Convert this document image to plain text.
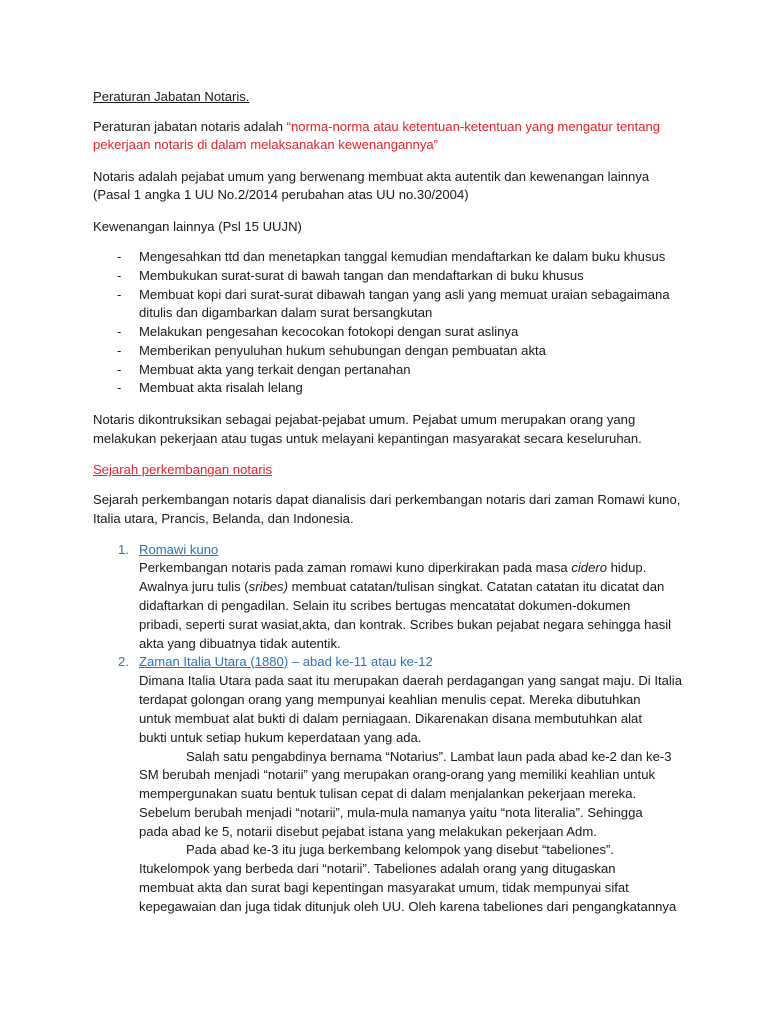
Peraturan Jabatan Notaris.
Peraturan jabatan notaris adalah “norma-norma atau ketentuan-ketentuan yang mengatur tentang
pekerjaan notaris di dalam melaksanakan kewenangannya”
Notaris adalah pejabat umum yang berwenang membuat akta autentik dan kewenangan lainnya
(Pasal 1 angka 1 UU No.2/2014 perubahan atas UU no.30/2004)
Kewenangan lainnya (Psl 15 UUJN)
- Mengesahkan ttd dan menetapkan tanggal kemudian mendaftarkan ke dalam buku khusus
- Membukukan surat-surat di bawah tangan dan mendaftarkan di buku khusus
- Membuat kopi dari surat-surat dibawah tangan yang asli yang memuat uraian sebagaimana
ditulis dan digambarkan dalam surat bersangkutan
- Melakukan pengesahan kecocokan fotokopi dengan surat aslinya
- Memberikan penyuluhan hukum sehubungan dengan pembuatan akta
- Membuat akta yang terkait dengan pertanahan
- Membuat akta risalah lelang
Notaris dikontruksikan sebagai pejabat-pejabat umum. Pejabat umum merupakan orang yang
melakukan pekerjaan atau tugas untuk melayani kepantingan masyarakat secara keseluruhan.
Sejarah perkembangan notaris
Sejarah perkembangan notaris dapat dianalisis dari perkembangan notaris dari zaman Romawi kuno,
Italia utara, Prancis, Belanda, dan Indonesia.
1. Romawi kuno
Perkembangan notaris pada zaman romawi kuno diperkirakan pada masa cidero hidup.
Awalnya juru tulis (sribes) membuat catatan/tulisan singkat. Catatan catatan itu dicatat dan
didaftarkan di pengadilan. Selain itu scribes bertugas mencatatat dokumen-dokumen
pribadi, seperti surat wasiat,akta, dan kontrak. Scribes bukan pejabat negara sehingga hasil
akta yang dibuatnya tidak autentik.
2. Zaman Italia Utara (1880) – abad ke-11 atau ke-12
Dimana Italia Utara pada saat itu merupakan daerah perdagangan yang sangat maju. Di Italia
terdapat golongan orang yang mempunyai keahlian menulis cepat. Mereka dibutuhkan
untuk membuat alat bukti di dalam perniagaan. Dikarenakan disana membutuhkan alat
bukti untuk setiap hukum keperdataan yang ada.
Salah satu pengabdinya bernama “Notarius”. Lambat laun pada abad ke-2 dan ke-3
SM berubah menjadi “notarii” yang merupakan orang-orang yang memiliki keahlian untuk
mempergunakan suatu bentuk tulisan cepat di dalam menjalankan pekerjaan mereka.
Sebelum berubah menjadi “notarii”, mula-mula namanya yaitu “nota literalia”. Sehingga
pada abad ke 5, notarii disebut pejabat istana yang melakukan pekerjaan Adm.
Pada abad ke-3 itu juga berkembang kelompok yang disebut “tabeliones”.
Itukelompok yang berbeda dari “notarii”. Tabeliones adalah orang yang ditugaskan
membuat akta dan surat bagi kepentingan masyarakat umum, tidak mempunyai sifat
kepegawaian dan juga tidak ditunjuk oleh UU. Oleh karena tabeliones dari pengangkatannya
